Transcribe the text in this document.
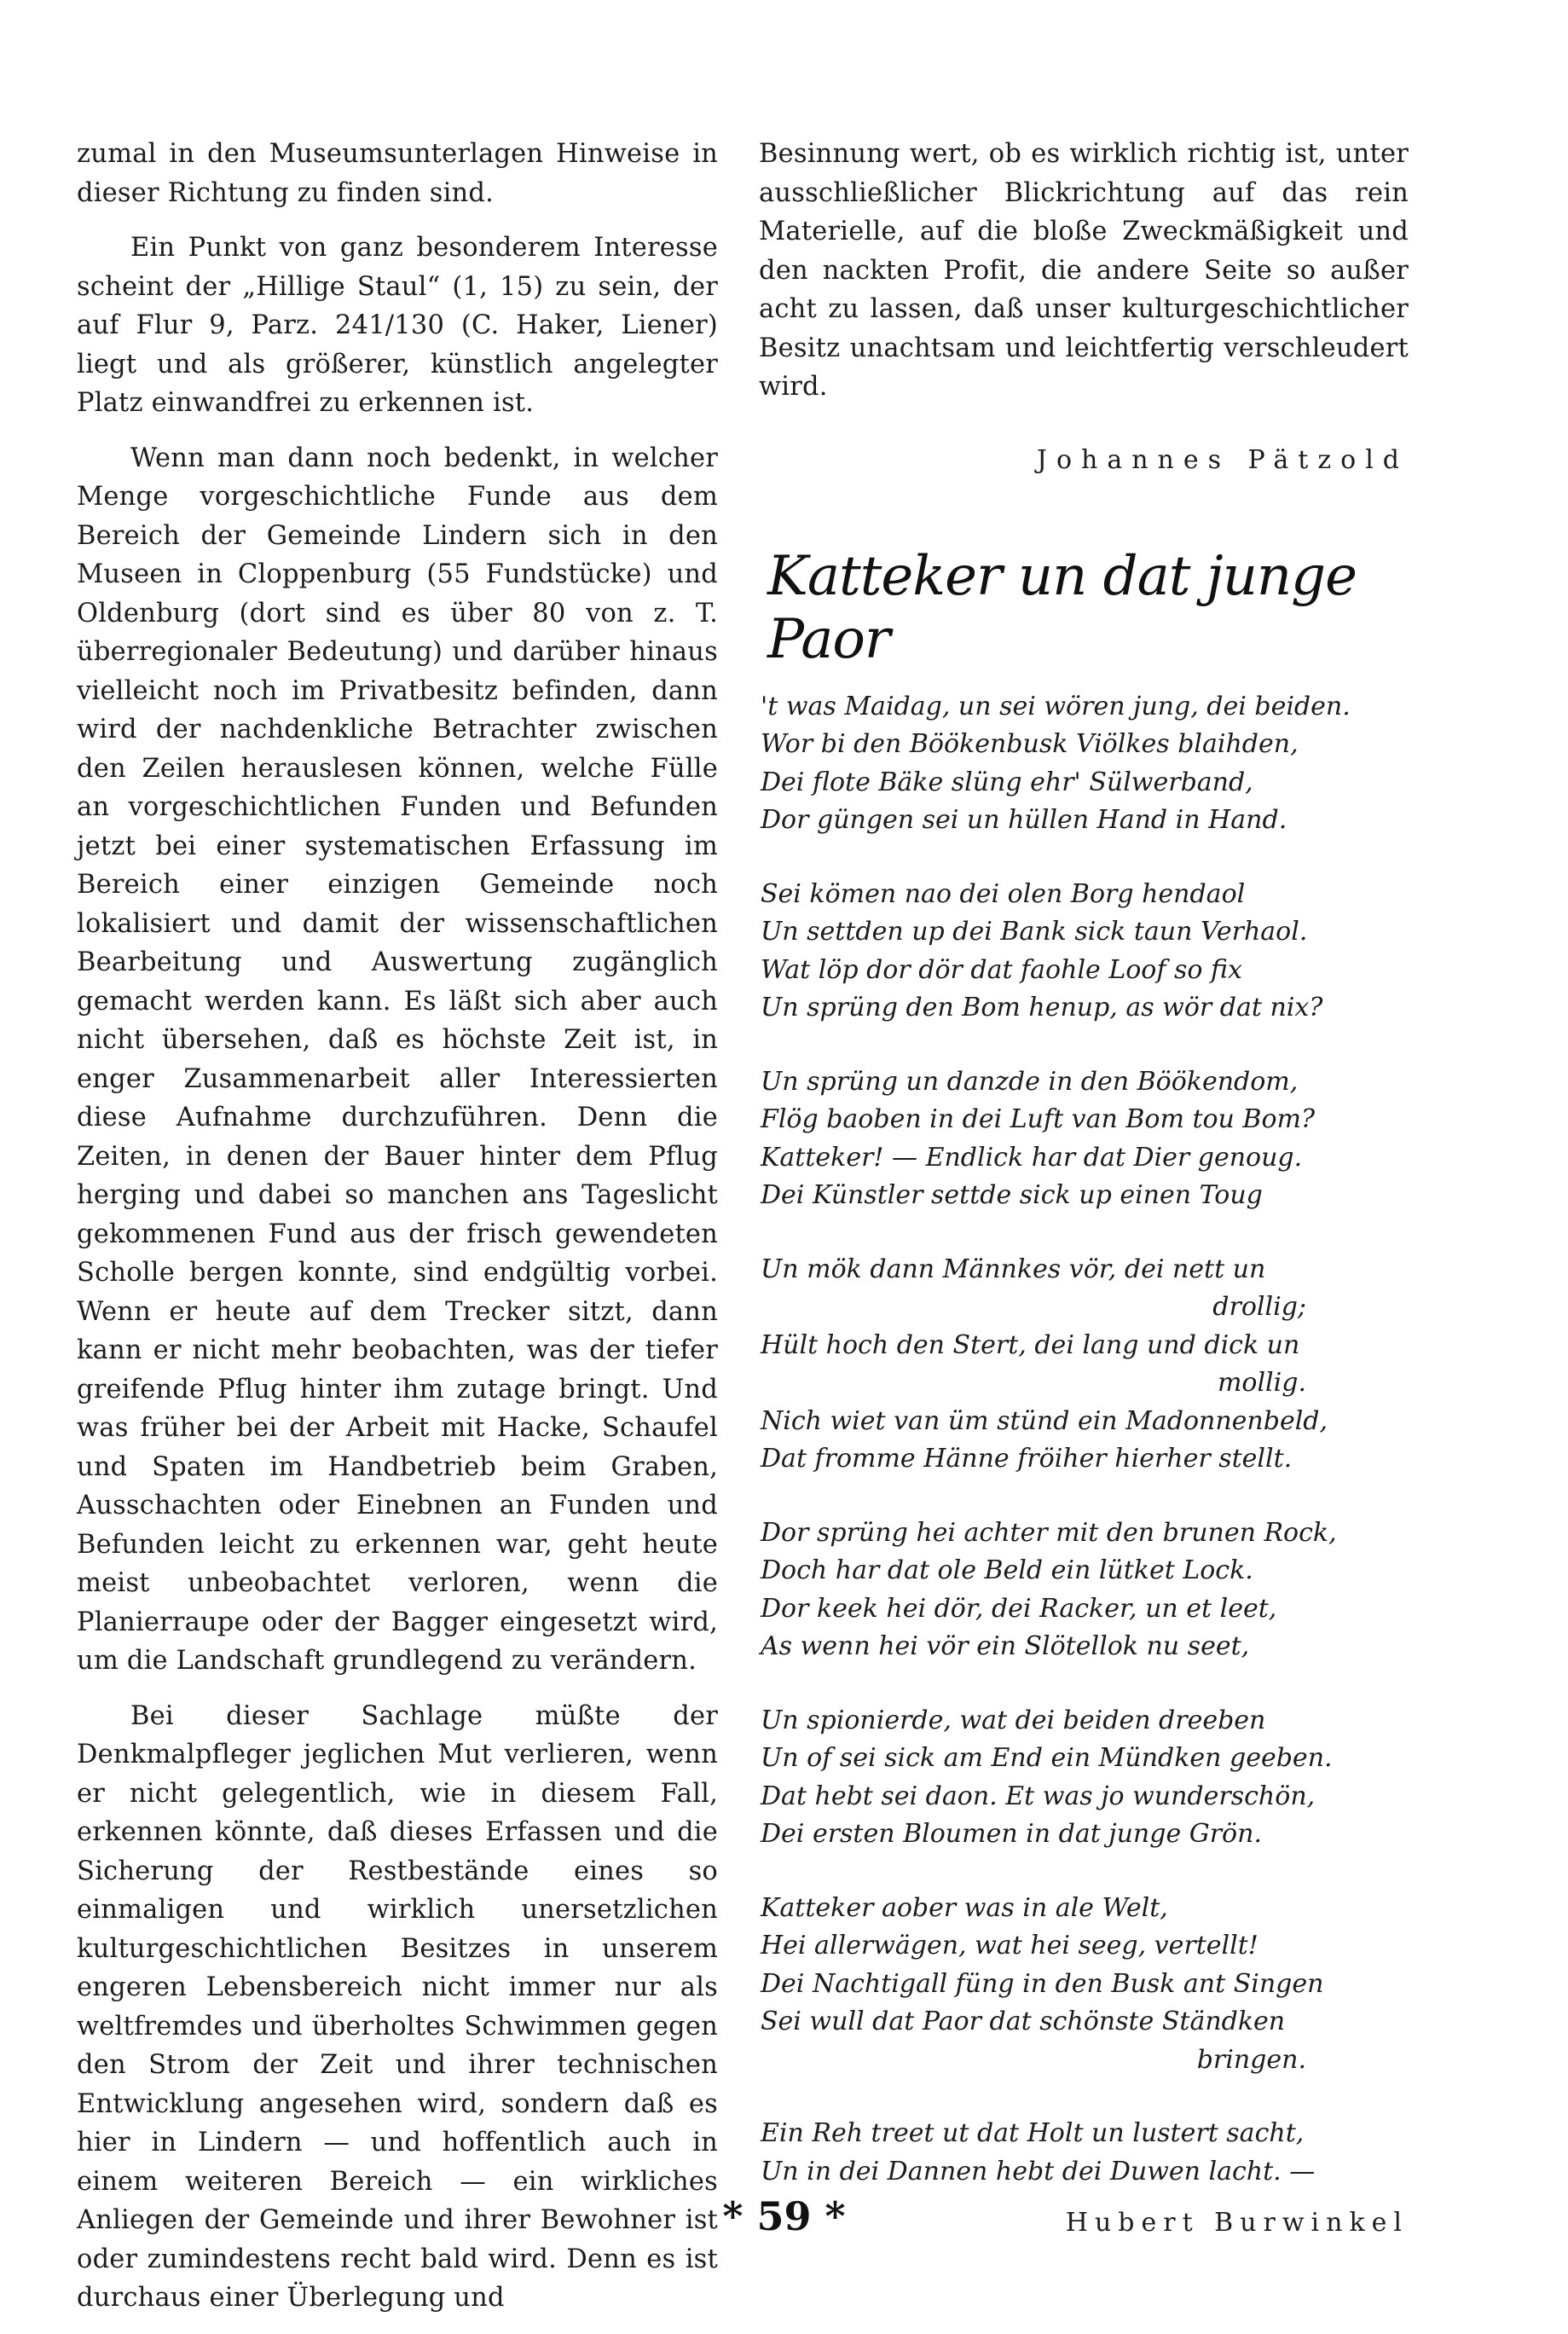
zumal in den Museumsunterlagen Hinweise in dieser Richtung zu finden sind.

Ein Punkt von ganz besonderem Interesse scheint der „Hillige Staul“ (1, 15) zu sein, der auf Flur 9, Parz. 241/130 (C. Haker, Liener) liegt und als größerer, künstlich angelegter Platz einwandfrei zu erkennen ist.

Wenn man dann noch bedenkt, in welcher Menge vorgeschichtliche Funde aus dem Bereich der Gemeinde Lindern sich in den Museen in Cloppenburg (55 Fundstücke) und Oldenburg (dort sind es über 80 von z. T. überregionaler Bedeutung) und darüber hinaus vielleicht noch im Privatbesitz befinden, dann wird der nachdenkliche Betrachter zwischen den Zeilen herauslesen können, welche Fülle an vorgeschichtlichen Funden und Befunden jetzt bei einer systematischen Erfassung im Bereich einer einzigen Gemeinde noch lokalisiert und damit der wissenschaftlichen Bearbeitung und Auswertung zugänglich gemacht werden kann. Es läßt sich aber auch nicht übersehen, daß es höchste Zeit ist, in enger Zusammenarbeit aller Interessierten diese Aufnahme durchzuführen. Denn die Zeiten, in denen der Bauer hinter dem Pflug herging und dabei so manchen ans Tageslicht gekommenen Fund aus der frisch gewendeten Scholle bergen konnte, sind endgültig vorbei. Wenn er heute auf dem Trecker sitzt, dann kann er nicht mehr beobachten, was der tiefer greifende Pflug hinter ihm zutage bringt. Und was früher bei der Arbeit mit Hacke, Schaufel und Spaten im Handbetrieb beim Graben, Ausschachten oder Einebnen an Funden und Befunden leicht zu erkennen war, geht heute meist unbeobachtet verloren, wenn die Planierraupe oder der Bagger eingesetzt wird, um die Landschaft grundlegend zu verändern.

Bei dieser Sachlage müßte der Denkmalpfleger jeglichen Mut verlieren, wenn er nicht gelegentlich, wie in diesem Fall, erkennen könnte, daß dieses Erfassen und die Sicherung der Restbestände eines so einmaligen und wirklich unersetzlichen kulturgeschichtlichen Besitzes in unserem engeren Lebensbereich nicht immer nur als weltfremdes und überholtes Schwimmen gegen den Strom der Zeit und ihrer technischen Entwicklung angesehen wird, sondern daß es hier in Lindern — und hoffentlich auch in einem weiteren Bereich — ein wirkliches Anliegen der Gemeinde und ihrer Bewohner ist oder zumindestens recht bald wird. Denn es ist durchaus einer Überlegung und

Besinnung wert, ob es wirklich richtig ist, unter ausschließlicher Blickrichtung auf das rein Materielle, auf die bloße Zweckmäßigkeit und den nackten Profit, die andere Seite so außer acht zu lassen, daß unser kulturgeschichtlicher Besitz unachtsam und leichtfertig verschleudert wird.

Johannes Pätzold
Katteker un dat junge Paor
't was Maidag, un sei wören jung, dei beiden.
Wor bi den Böökenbusk Viölkes blaihden,
Dei flote Bäke slüng ehr' Sülwerband,
Dor güngen sei un hüllen Hand in Hand.
Sei kömen nao dei olen Borg hendaol
Un settden up dei Bank sick taun Verhaol.
Wat löp dor dör dat faohle Loof so fix
Un sprüng den Bom henup, as wör dat nix?
Un sprüng un danzde in den Böökendom,
Flög baoben in dei Luft van Bom tou Bom?
Katteker! — Endlick har dat Dier genoug.
Dei Künstler settde sick up einen Toug
Un mök dann Männkes vör, dei nett un
drollig;
Hült hoch den Stert, dei lang und dick un
mollig.
Nich wiet van üm stünd ein Madonnenbeld,
Dat fromme Hänne fröiher hierher stellt.
Dor sprüng hei achter mit den brunen Rock,
Doch har dat ole Beld ein lütket Lock.
Dor keek hei dör, dei Racker, un et leet,
As wenn hei vör ein Slötellok nu seet,
Un spionierde, wat dei beiden dreeben
Un of sei sick am End ein Mündken geeben.
Dat hebt sei daon. Et was jo wunderschön,
Dei ersten Bloumen in dat junge Grön.
Katteker aober was in ale Welt,
Hei allerwägen, wat hei seeg, vertellt!
Dei Nachtigall füng in den Busk ant Singen
Sei wull dat Paor dat schönste Ständken
bringen.
Ein Reh treet ut dat Holt un lustert sacht,
Un in dei Dannen hebt dei Duwen lacht. —
Hubert Burwinkel
* 59 *
